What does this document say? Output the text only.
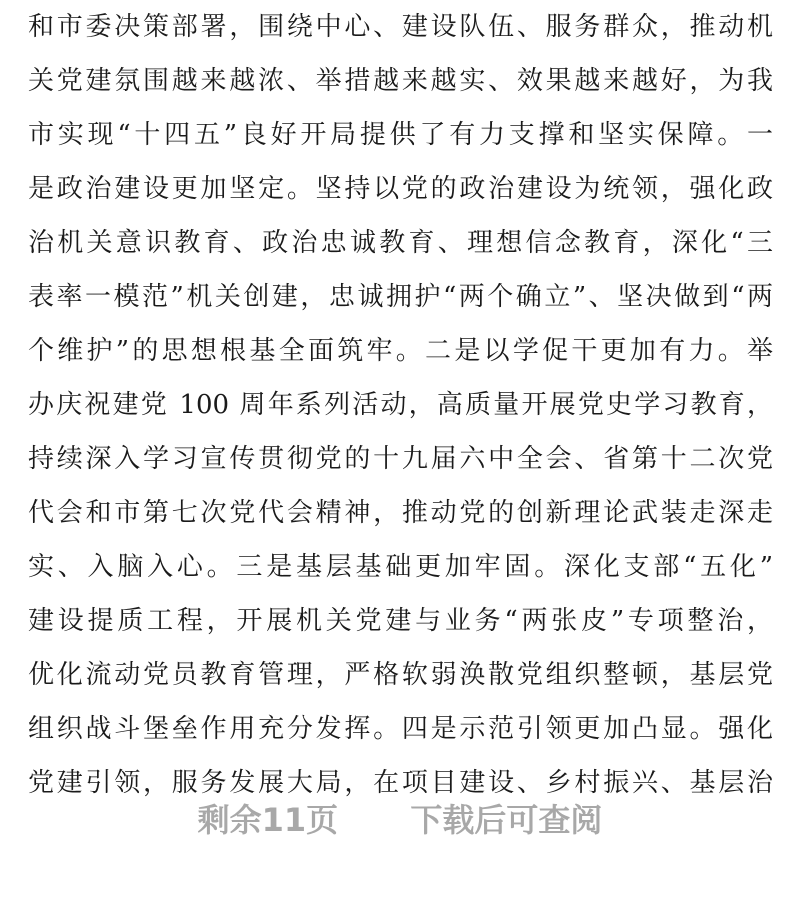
和市委决策部署，围绕中心、建设队伍、服务群众，推动机
关党建氛围越来越浓、举措越来越实、效果越来越好，为我
市实现“十四五”良好开局提供了有力支撑和坚实保障。一
是政治建设更加坚定。坚持以党的政治建设为统领，强化政
治机关意识教育、政治忠诚教育、理想信念教育，深化“三
表率一模范”机关创建，忠诚拥护“两个确立”、坚决做到“两
个维护”的思想根基全面筑牢。二是以学促干更加有力。举
办庆祝建党 100 周年系列活动，高质量开展党史学习教育，
持续深入学习宣传贯彻党的十九届六中全会、省第十二次党
代会和市第七次党代会精神，推动党的创新理论武装走深走
实、入脑入心。三是基层基础更加牢固。深化支部“五化”
建设提质工程，开展机关党建与业务“两张皮”专项整治，
优化流动党员教育管理，严格软弱涣散党组织整顿，基层党
组织战斗堡垒作用充分发挥。四是示范引领更加凸显。强化
党建引领，服务发展大局，在项目建设、乡村振兴、基层治
剩余11页 下载后可查阅
